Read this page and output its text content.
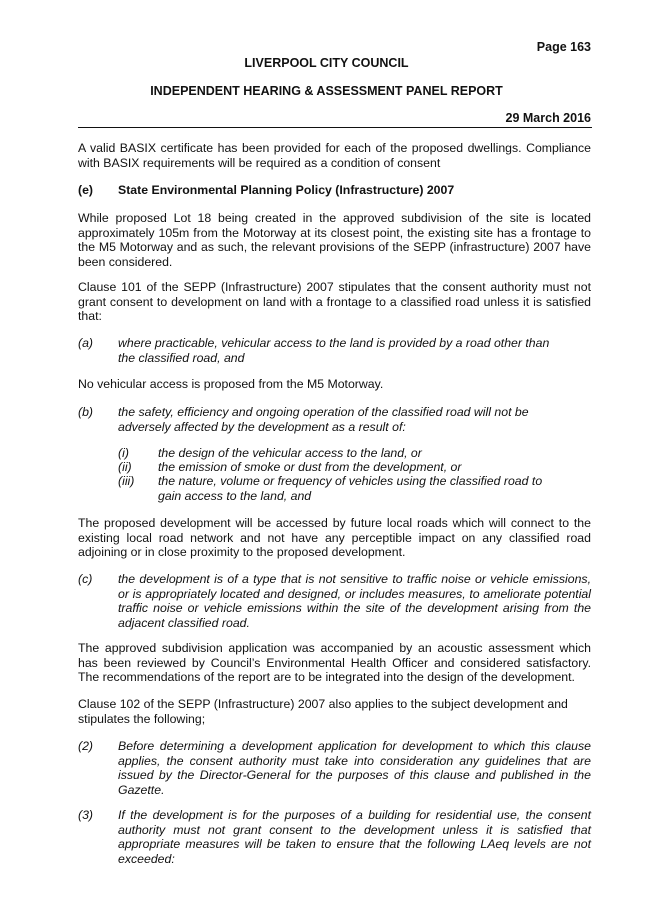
Page 163
LIVERPOOL CITY COUNCIL
INDEPENDENT HEARING & ASSESSMENT PANEL REPORT
29 March 2016
A valid BASIX certificate has been provided for each of the proposed dwellings. Compliance with BASIX requirements will be required as a condition of consent
(e) State Environmental Planning Policy (Infrastructure) 2007
While proposed Lot 18 being created in the approved subdivision of the site is located approximately 105m from the Motorway at its closest point, the existing site has a frontage to the M5 Motorway and as such, the relevant provisions of the SEPP (infrastructure) 2007 have been considered.
Clause 101 of the SEPP (Infrastructure) 2007 stipulates that the consent authority must not grant consent to development on land with a frontage to a classified road unless it is satisfied that:
(a) where practicable, vehicular access to the land is provided by a road other than the classified road, and
No vehicular access is proposed from the M5 Motorway.
(b) the safety, efficiency and ongoing operation of the classified road will not be adversely affected by the development as a result of:
(i) the design of the vehicular access to the land, or
(ii) the emission of smoke or dust from the development, or
(iii) the nature, volume or frequency of vehicles using the classified road to gain access to the land, and
The proposed development will be accessed by future local roads which will connect to the existing local road network and not have any perceptible impact on any classified road adjoining or in close proximity to the proposed development.
(c) the development is of a type that is not sensitive to traffic noise or vehicle emissions, or is appropriately located and designed, or includes measures, to ameliorate potential traffic noise or vehicle emissions within the site of the development arising from the adjacent classified road.
The approved subdivision application was accompanied by an acoustic assessment which has been reviewed by Council’s Environmental Health Officer and considered satisfactory. The recommendations of the report are to be integrated into the design of the development.
Clause 102 of the SEPP (Infrastructure) 2007 also applies to the subject development and stipulates the following;
(2) Before determining a development application for development to which this clause applies, the consent authority must take into consideration any guidelines that are issued by the Director-General for the purposes of this clause and published in the Gazette.
(3) If the development is for the purposes of a building for residential use, the consent authority must not grant consent to the development unless it is satisfied that appropriate measures will be taken to ensure that the following LAeq levels are not exceeded:
